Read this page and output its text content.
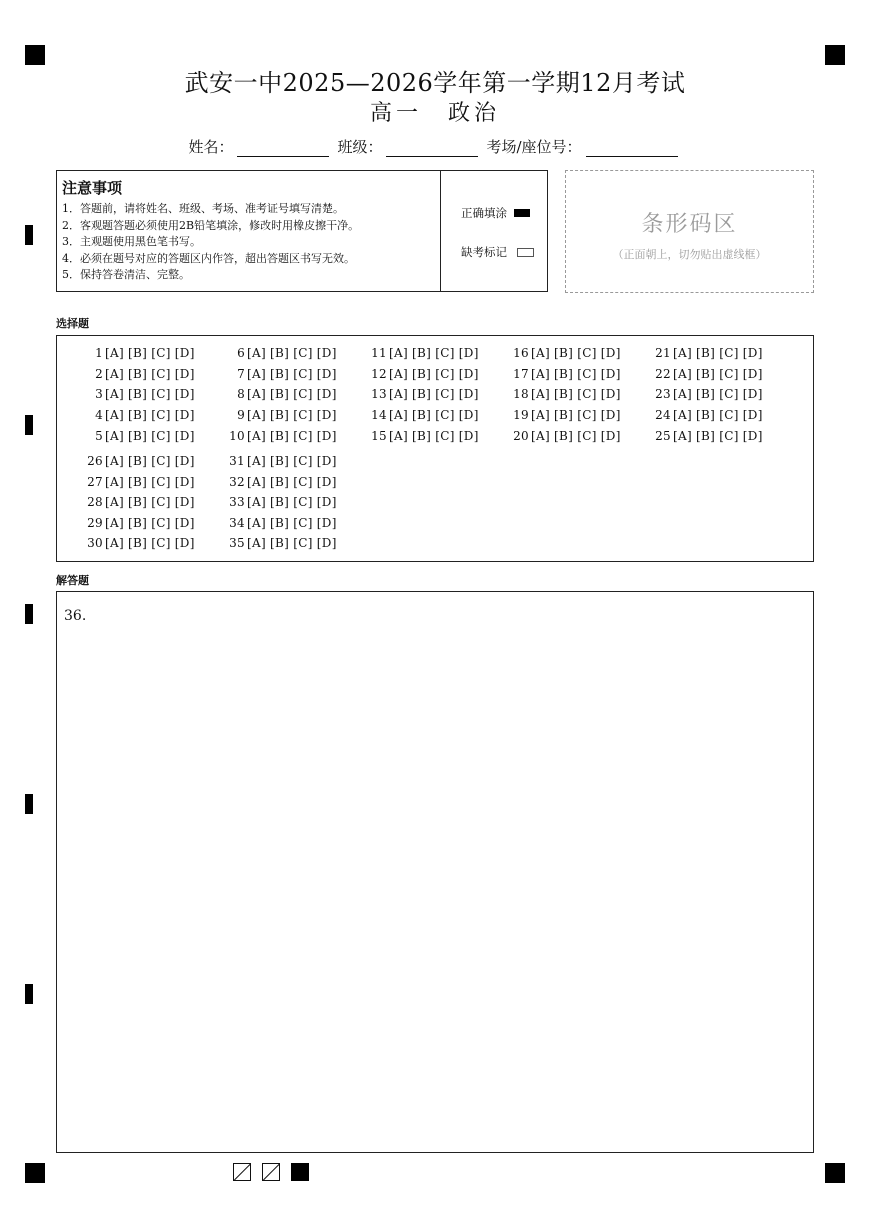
武安一中2025—2026学年第一学期12月考试
高一　政治
姓名：	班级：	考场/座位号：
注意事项
1．答题前，请将姓名、班级、考场、准考证号填写清楚。
2．客观题答题必须使用2B铅笔填涂，修改时用橡皮擦干净。
3．主观题使用黑色笔书写。
4．必须在题号对应的答题区内作答，超出答题区书写无效。
5．保持答卷清洁、完整。
正确填涂
缺考标记
条形码区
（正面朝上，切勿贴出虚线框）
选择题
1 [A] [B] [C] [D]
2 [A] [B] [C] [D]
3 [A] [B] [C] [D]
4 [A] [B] [C] [D]
5 [A] [B] [C] [D]
6 [A] [B] [C] [D]
7 [A] [B] [C] [D]
8 [A] [B] [C] [D]
9 [A] [B] [C] [D]
10 [A] [B] [C] [D]
11 [A] [B] [C] [D]
12 [A] [B] [C] [D]
13 [A] [B] [C] [D]
14 [A] [B] [C] [D]
15 [A] [B] [C] [D]
16 [A] [B] [C] [D]
17 [A] [B] [C] [D]
18 [A] [B] [C] [D]
19 [A] [B] [C] [D]
20 [A] [B] [C] [D]
21 [A] [B] [C] [D]
22 [A] [B] [C] [D]
23 [A] [B] [C] [D]
24 [A] [B] [C] [D]
25 [A] [B] [C] [D]
26 [A] [B] [C] [D]
27 [A] [B] [C] [D]
28 [A] [B] [C] [D]
29 [A] [B] [C] [D]
30 [A] [B] [C] [D]
31 [A] [B] [C] [D]
32 [A] [B] [C] [D]
33 [A] [B] [C] [D]
34 [A] [B] [C] [D]
35 [A] [B] [C] [D]
解答题
36.
